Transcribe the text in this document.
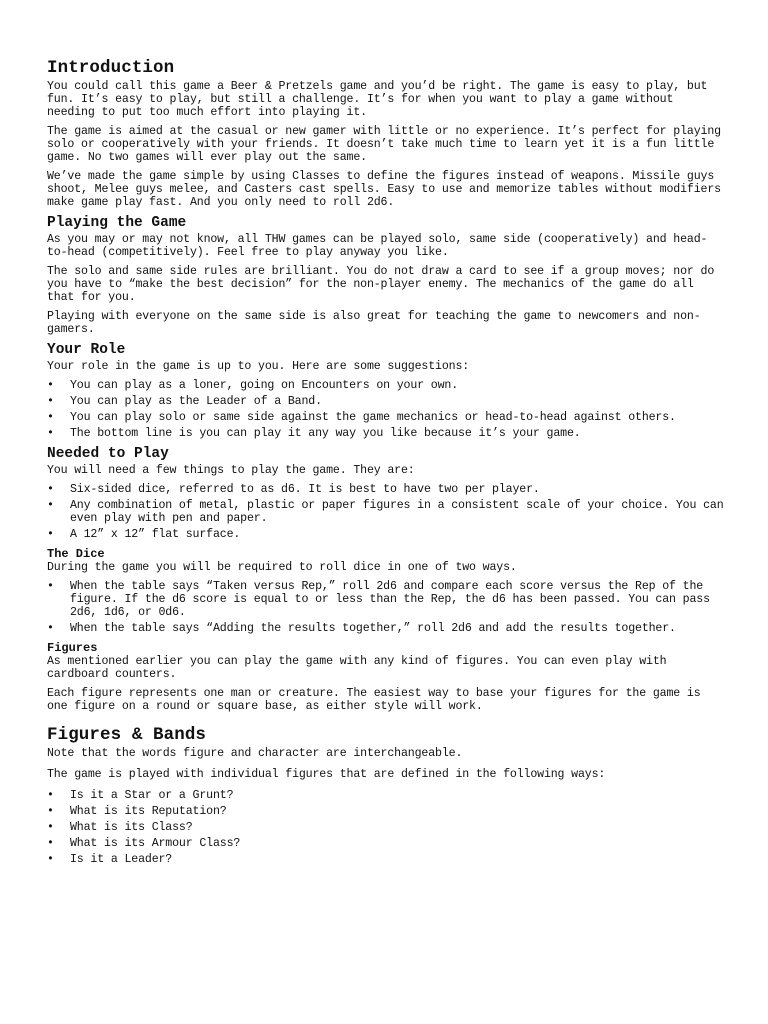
Introduction

You could call this game a Beer & Pretzels game and you’d be right. The game is easy to play, but fun. It’s easy to play, but still a challenge. It’s for when you want to play a game without needing to put too much effort into playing it.

The game is aimed at the casual or new gamer with little or no experience. It’s perfect for playing solo or cooperatively with your friends. It doesn’t take much time to learn yet it is a fun little game. No two games will ever play out the same.

We’ve made the game simple by using Classes to define the figures instead of weapons. Missile guys shoot, Melee guys melee, and Casters cast spells. Easy to use and memorize tables without modifiers make game play fast. And you only need to roll 2d6.

Playing the Game

As you may or may not know, all THW games can be played solo, same side (cooperatively) and head-to-head (competitively). Feel free to play anyway you like.

The solo and same side rules are brilliant. You do not draw a card to see if a group moves; nor do you have to “make the best decision” for the non-player enemy. The mechanics of the game do all that for you.

Playing with everyone on the same side is also great for teaching the game to newcomers and non-gamers.

Your Role

Your role in the game is up to you. Here are some suggestions:

• You can play as a loner, going on Encounters on your own.
• You can play as the Leader of a Band.
• You can play solo or same side against the game mechanics or head-to-head against others.
• The bottom line is you can play it any way you like because it’s your game.
Needed to Play

You will need a few things to play the game. They are:

• Six-sided dice, referred to as d6. It is best to have two per player.
• Any combination of metal, plastic or paper figures in a consistent scale of your choice. You can even play with pen and paper.
• A 12” x 12” flat surface.
The Dice

During the game you will be required to roll dice in one of two ways.

• When the table says “Taken versus Rep,” roll 2d6 and compare each score versus the Rep of the figure. If the d6 score is equal to or less than the Rep, the d6 has been passed. You can pass 2d6, 1d6, or 0d6.
• When the table says “Adding the results together,” roll 2d6 and add the results together.
Figures

As mentioned earlier you can play the game with any kind of figures. You can even play with cardboard counters.

Each figure represents one man or creature. The easiest way to base your figures for the game is one figure on a round or square base, as either style will work.

Figures & Bands

Note that the words figure and character are interchangeable.

The game is played with individual figures that are defined in the following ways:

• Is it a Star or a Grunt?
• What is its Reputation?
• What is its Class?
• What is its Armour Class?
• Is it a Leader?
